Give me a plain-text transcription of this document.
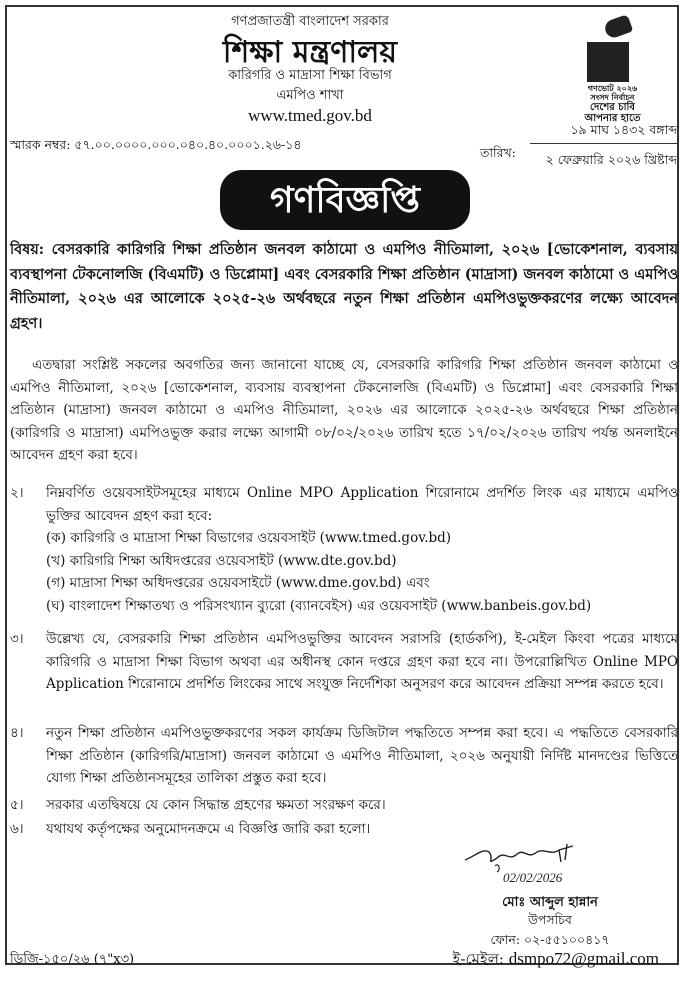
গণপ্রজাতন্ত্রী বাংলাদেশ সরকার
শিক্ষা মন্ত্রণালয়
কারিগরি ও মাদ্রাসা শিক্ষা বিভাগ
এমপিও শাখা
www.tmed.gov.bd
গণভোট ২০২৬
সংসদ নির্বাচন
দেশের চাবি
আপনার হাতে
স্মারক নম্বর: ৫৭.০০.০০০০.০০০.০৪০.৪০.০০০১.২৬-১৪
তারিখ:
১৯ মাঘ ১৪৩২ বঙ্গাব্দ
২ ফেব্রুয়ারি ২০২৬ খ্রিষ্টাব্দ
গণবিজ্ঞপ্তি
বিষয়: বেসরকারি কারিগরি শিক্ষা প্রতিষ্ঠান জনবল কাঠামো ও এমপিও নীতিমালা, ২০২৬ [ভোকেশনাল, ব্যবসায় ব্যবস্থাপনা টেকনোলজি (বিএমটি) ও ডিপ্লোমা] এবং বেসরকারি শিক্ষা প্রতিষ্ঠান (মাদ্রাসা) জনবল কাঠামো ও এমপিও নীতিমালা, ২০২৬ এর আলোকে ২০২৫-২৬ অর্থবছরে নতুন শিক্ষা প্রতিষ্ঠান এমপিওভুক্তকরণের লক্ষ্যে আবেদন গ্রহণ।
এতদ্বারা সংশ্লিষ্ট সকলের অবগতির জন্য জানানো যাচ্ছে যে, বেসরকারি কারিগরি শিক্ষা প্রতিষ্ঠান জনবল কাঠামো ও এমপিও নীতিমালা, ২০২৬ [ভোকেশনাল, ব্যবসায় ব্যবস্থাপনা টেকনোলজি (বিএমটি) ও ডিপ্লোমা] এবং বেসরকারি শিক্ষা প্রতিষ্ঠান (মাদ্রাসা) জনবল কাঠামো ও এমপিও নীতিমালা, ২০২৬ এর আলোকে ২০২৫-২৬ অর্থবছরে শিক্ষা প্রতিষ্ঠান (কারিগরি ও মাদ্রাসা) এমপিওভুক্ত করার লক্ষ্যে আগামী ০৮/০২/২০২৬ তারিখ হতে ১৭/০২/২০২৬ তারিখ পর্যন্ত অনলাইনে আবেদন গ্রহণ করা হবে।
২।	নিম্নবর্ণিত ওয়েবসাইটসমূহের মাধ্যমে Online MPO Application শিরোনামে প্রদর্শিত লিংক এর মাধ্যমে এমপিও ভুক্তির আবেদন গ্রহণ করা হবে:
(ক) কারিগরি ও মাদ্রাসা শিক্ষা বিভাগের ওয়েবসাইট (www.tmed.gov.bd)
(খ) কারিগরি শিক্ষা অধিদপ্তরের ওয়েবসাইট (www.dte.gov.bd)
(গ) মাদ্রাসা শিক্ষা অধিদপ্তরের ওয়েবসাইটে (www.dme.gov.bd) এবং
(ঘ) বাংলাদেশ শিক্ষাতথ্য ও পরিসংখ্যান ব্যুরো (ব্যানবেইস) এর ওয়েবসাইট (www.banbeis.gov.bd)
৩।	উল্লেখ্য যে, বেসরকারি শিক্ষা প্রতিষ্ঠান এমপিওভুক্তির আবেদন সরাসরি (হার্ডকপি), ই-মেইল কিংবা পত্রের মাধ্যমে কারিগরি ও মাদ্রাসা শিক্ষা বিভাগ অথবা এর অধীনস্থ কোন দপ্তরে গ্রহণ করা হবে না। উপরোল্লিখিত Online MPO Application শিরোনামে প্রদর্শিত লিংকের সাথে সংযুক্ত নির্দেশিকা অনুসরণ করে আবেদন প্রক্রিয়া সম্পন্ন করতে হবে।
৪।	নতুন শিক্ষা প্রতিষ্ঠান এমপিওভুক্তকরণের সকল কার্যক্রম ডিজিটাল পদ্ধতিতে সম্পন্ন করা হবে। এ পদ্ধতিতে বেসরকারি শিক্ষা প্রতিষ্ঠান (কারিগরি/মাদ্রাসা) জনবল কাঠামো ও এমপিও নীতিমালা, ২০২৬ অনুযায়ী নির্দিষ্ট মানদণ্ডের ভিত্তিতে যোগ্য শিক্ষা প্রতিষ্ঠানসমূহের তালিকা প্রস্তুত করা হবে।
৫।	সরকার এতদ্বিষয়ে যে কোন সিদ্ধান্ত গ্রহণের ক্ষমতা সংরক্ষণ করে।
৬।	যথাযথ কর্তৃপক্ষের অনুমোদনক্রমে এ বিজ্ঞপ্তি জারি করা হলো।
02/02/2026
মোঃ আব্দুল হান্নান
উপসচিব
ফোন: ০২-৫৫১০০৪১৭
ই-মেইল: dsmpo72@gmail.com
ডিজি-১৫০/২৬ (৭"x৩)
